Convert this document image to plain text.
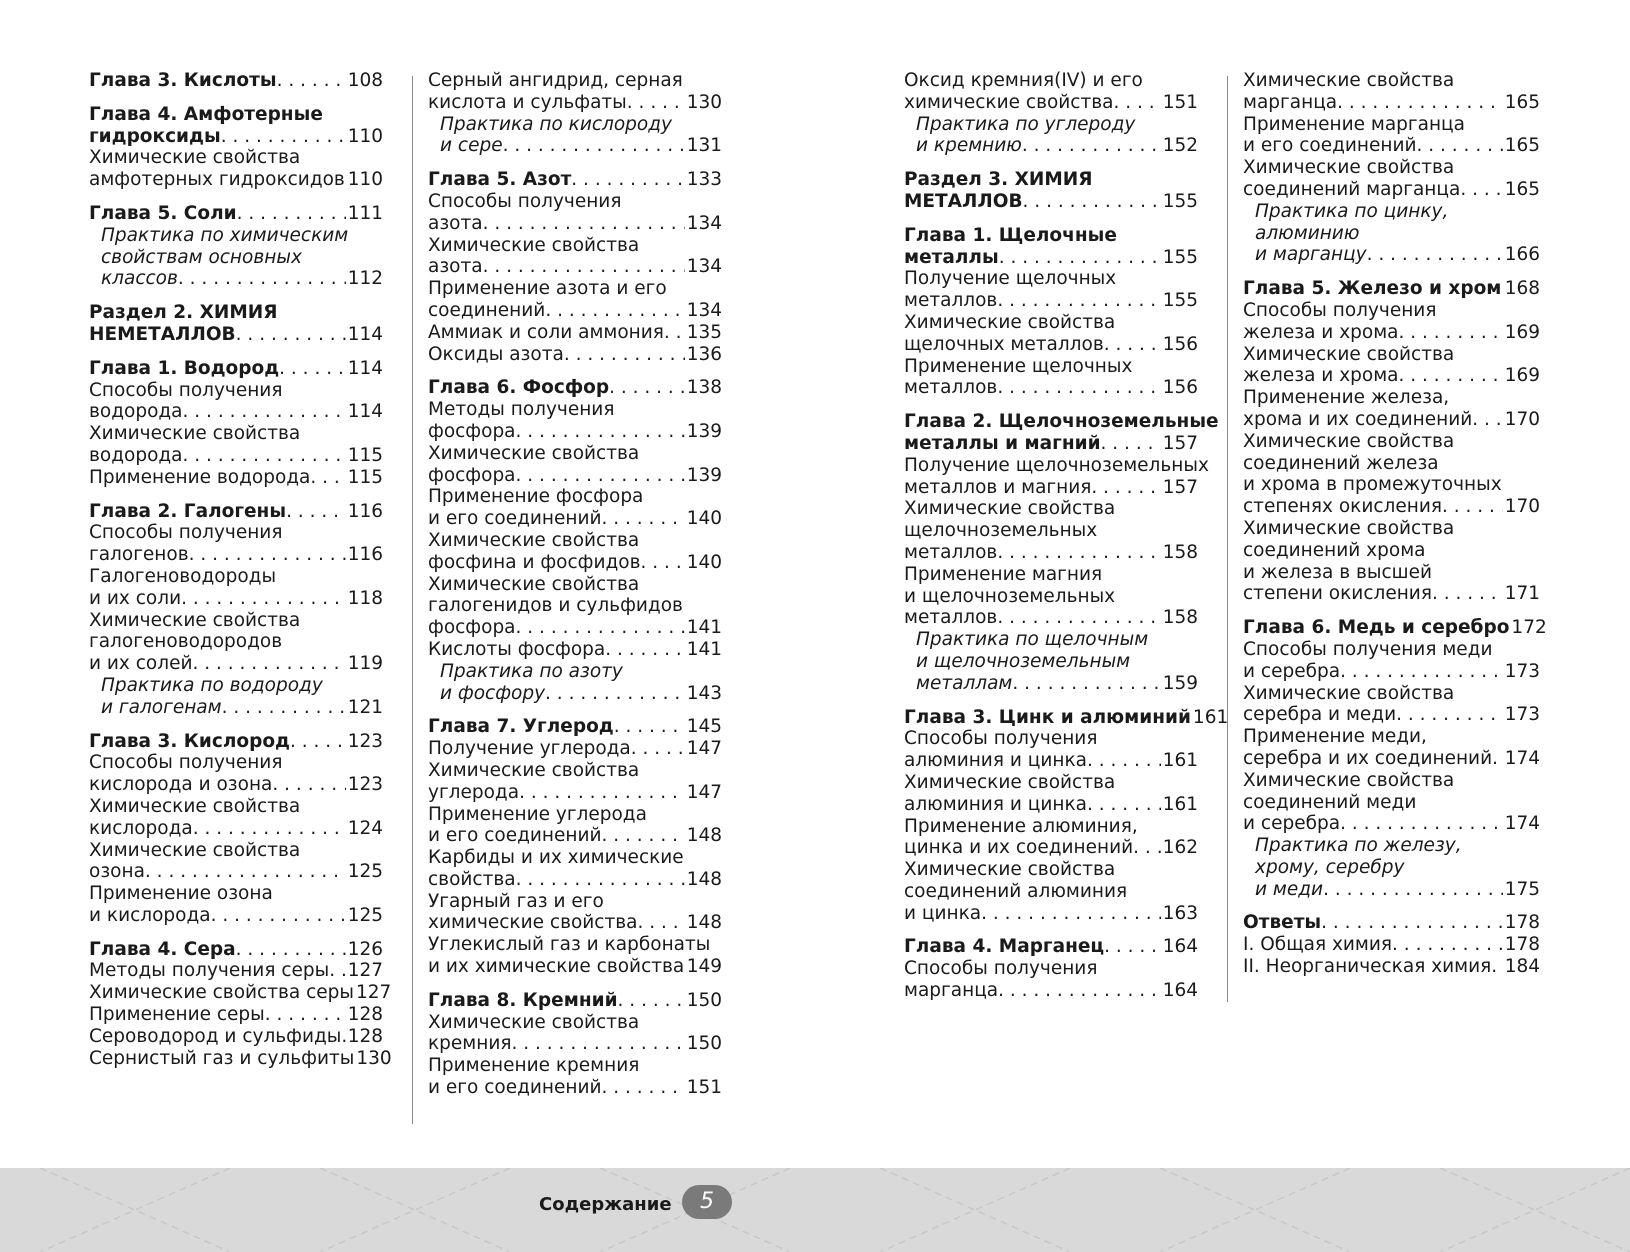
Глава 3. Кислоты . . .	108
Глава 4. Амфотерные
гидроксиды . . .	110
Химические свойства
амфотерных гидроксидов . . . 110
Глава 5. Соли . . .	111
Практика по химическим
свойствам основных
классов . . .	112
Раздел 2. ХИМИЯ
НЕМЕТАЛЛОВ . . .	114
Глава 1. Водород . . .	114
Способы получения
водорода . . .	114
Химические свойства
водорода . . .	115
Применение водорода . . . 115
Глава 2. Галогены . . .	116
Способы получения
галогенов . . .	116
Галогеноводороды
и их соли . . .	118
Химические свойства
галогеноводородов
и их солей . . .	119
Практика по водороду
и галогенам . . .	121
Глава 3. Кислород . . .	123
Способы получения
кислорода и озона . . .	123
Химические свойства
кислорода . . .	124
Химические свойства
озона . . .	125
Применение озона
и кислорода . . .	125
Глава 4. Сера . . .	126
Методы получения серы . . . 127
Химические свойства серы 127
Применение серы . . .	128
Сероводород и сульфиды . . . 128
Сернистый газ и сульфиты 130
Серный ангидрид, серная
кислота и сульфаты . . .	130
Практика по кислороду
и сере . . .	131
Глава 5. Азот . . .	133
Способы получения
азота . . .	134
Химические свойства
азота . . .	134
Применение азота и его
соединений . . .	134
Аммиак и соли аммония . . . 135
Оксиды азота . . .	136
Глава 6. Фосфор . . .	138
Методы получения
фосфора . . .	139
Химические свойства
фосфора . . .	139
Применение фосфора
и его соединений . . .	140
Химические свойства
фосфина и фосфидов . . . 140
Химические свойства
галогенидов и сульфидов
фосфора . . .	141
Кислоты фосфора . . .	141
Практика по азоту
и фосфору . . .	143
Глава 7. Углерод . . .	145
Получение углерода . . .	147
Химические свойства
углерода . . .	147
Применение углерода
и его соединений . . .	148
Карбиды и их химические
свойства . . .	148
Угарный газ и его
химические свойства . . .	148
Углекислый газ и карбонаты
и их химические свойства . . . 149
Глава 8. Кремний . . .	150
Химические свойства
кремния . . .	150
Применение кремния
и его соединений . . .	151
Оксид кремния(IV) и его
химические свойства . . .	151
Практика по углероду
и кремнию . . .	152
Раздел 3. ХИМИЯ
МЕТАЛЛОВ . . .	155
Глава 1. Щелочные
металлы . . .	155
Получение щелочных
металлов . . .	155
Химические свойства
щелочных металлов . . .	156
Применение щелочных
металлов . . .	156
Глава 2. Щелочноземельные
металлы и магний . . .	157
Получение щелочноземельных
металлов и магния . . .	157
Химические свойства
щелочноземельных
металлов . . .	158
Применение магния
и щелочноземельных
металлов . . .	158
Практика по щелочным
и щелочноземельным
металлам . . .	159
Глава 3. Цинк и алюминий 161
Способы получения
алюминия и цинка . . .	161
Химические свойства
алюминия и цинка . . .	161
Применение алюминия,
цинка и их соединений . . . 162
Химические свойства
соединений алюминия
и цинка . . .	163
Глава 4. Марганец . . .	164
Способы получения
марганца . . .	164
Химические свойства
марганца . . .	165
Применение марганца
и его соединений . . .	165
Химические свойства
соединений марганца . . . 165
Практика по цинку,
алюминию
и марганцу . . .	166
Глава 5. Железо и хром . . . 168
Способы получения
железа и хрома . . .	169
Химические свойства
железа и хрома . . .	169
Применение железа,
хрома и их соединений . . . 170
Химические свойства
соединений железа
и хрома в промежуточных
степенях окисления . . .	170
Химические свойства
соединений хрома
и железа в высшей
степени окисления . . .	171
Глава 6. Медь и серебро 172
Способы получения меди
и серебра . . .	173
Химические свойства
серебра и меди . . .	173
Применение меди,
серебра и их соединений . . . 174
Химические свойства
соединений меди
и серебра . . .	174
Практика по железу,
хрому, серебру
и меди . . .	175
Ответы . . .	178
I. Общая химия . . .	178
II. Неорганическая химия . . . 184
Содержание	5
